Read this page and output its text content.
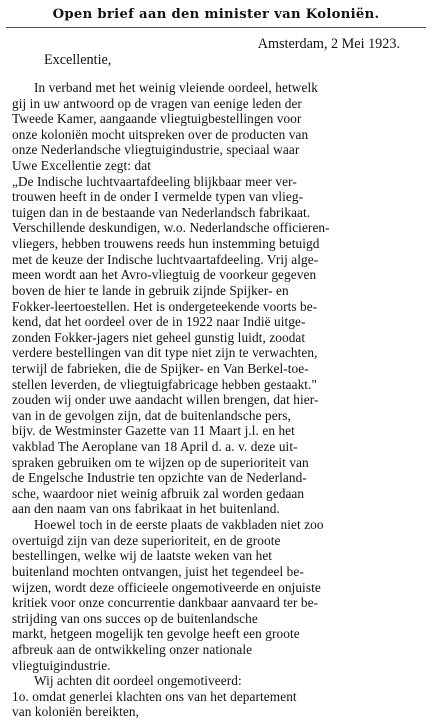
Open brief aan den minister van Koloniën.
Amsterdam, 2 Mei 1923.
Excellentie,
In verband met het weinig vleiende oordeel, hetwelk
gij in uw antwoord op de vragen van eenige leden der
Tweede Kamer, aangaande vliegtuigbestellingen voor
onze koloniën mocht uitspreken over de producten van
onze Nederlandsche vliegtuigindustrie, speciaal waar
Uwe Excellentie zegt: dat
„De Indische luchtvaartafdeeling blijkbaar meer ver-
trouwen heeft in de onder I vermelde typen van vlieg-
tuigen dan in de bestaande van Nederlandsch fabrikaat.
Verschillende deskundigen, w.o. Nederlandsche officieren-
vliegers, hebben trouwens reeds hun instemming betuigd
met de keuze der Indische luchtvaartafdeeling. Vrij alge-
meen wordt aan het Avro-vliegtuig de voorkeur gegeven
boven de hier te lande in gebruik zijnde Spijker- en
Fokker-leertoestellen. Het is ondergeteekende voorts be-
kend, dat het oordeel over de in 1922 naar Indië uitge-
zonden Fokker-jagers niet geheel gunstig luidt, zoodat
verdere bestellingen van dit type niet zijn te verwachten,
terwijl de fabrieken, die de Spijker- en Van Berkel-toe-
stellen leverden, de vliegtuigfabricage hebben gestaakt."
zouden wij onder uwe aandacht willen brengen, dat hier-
van in de gevolgen zijn, dat de buitenlandsche pers,
bijv. de Westminster Gazette van 11 Maart j.l. en het
vakblad The Aeroplane van 18 April d. a. v. deze uit-
spraken gebruiken om te wijzen op de superioriteit van
de Engelsche Industrie ten opzichte van de Nederland-
sche, waardoor niet weinig afbruik zal worden gedaan
aan den naam van ons fabrikaat in het buitenland.
Hoewel toch in de eerste plaats de vakbladen niet zoo
overtuigd zijn van deze superioriteit, en de groote
bestellingen, welke wij de laatste weken van het
buitenland mochten ontvangen, juist het tegendeel be-
wijzen, wordt deze officieele ongemotiveerde en onjuiste
kritiek voor onze concurrentie dankbaar aanvaard ter be-
strijding van ons succes op de buitenlandsche
markt, hetgeen mogelijk ten gevolge heeft een groote
afbreuk aan de ontwikkeling onzer nationale
vliegtuigindustrie.
Wij achten dit oordeel ongemotiveerd:
1o. omdat generlei klachten ons van het departement
van koloniën bereikten,
